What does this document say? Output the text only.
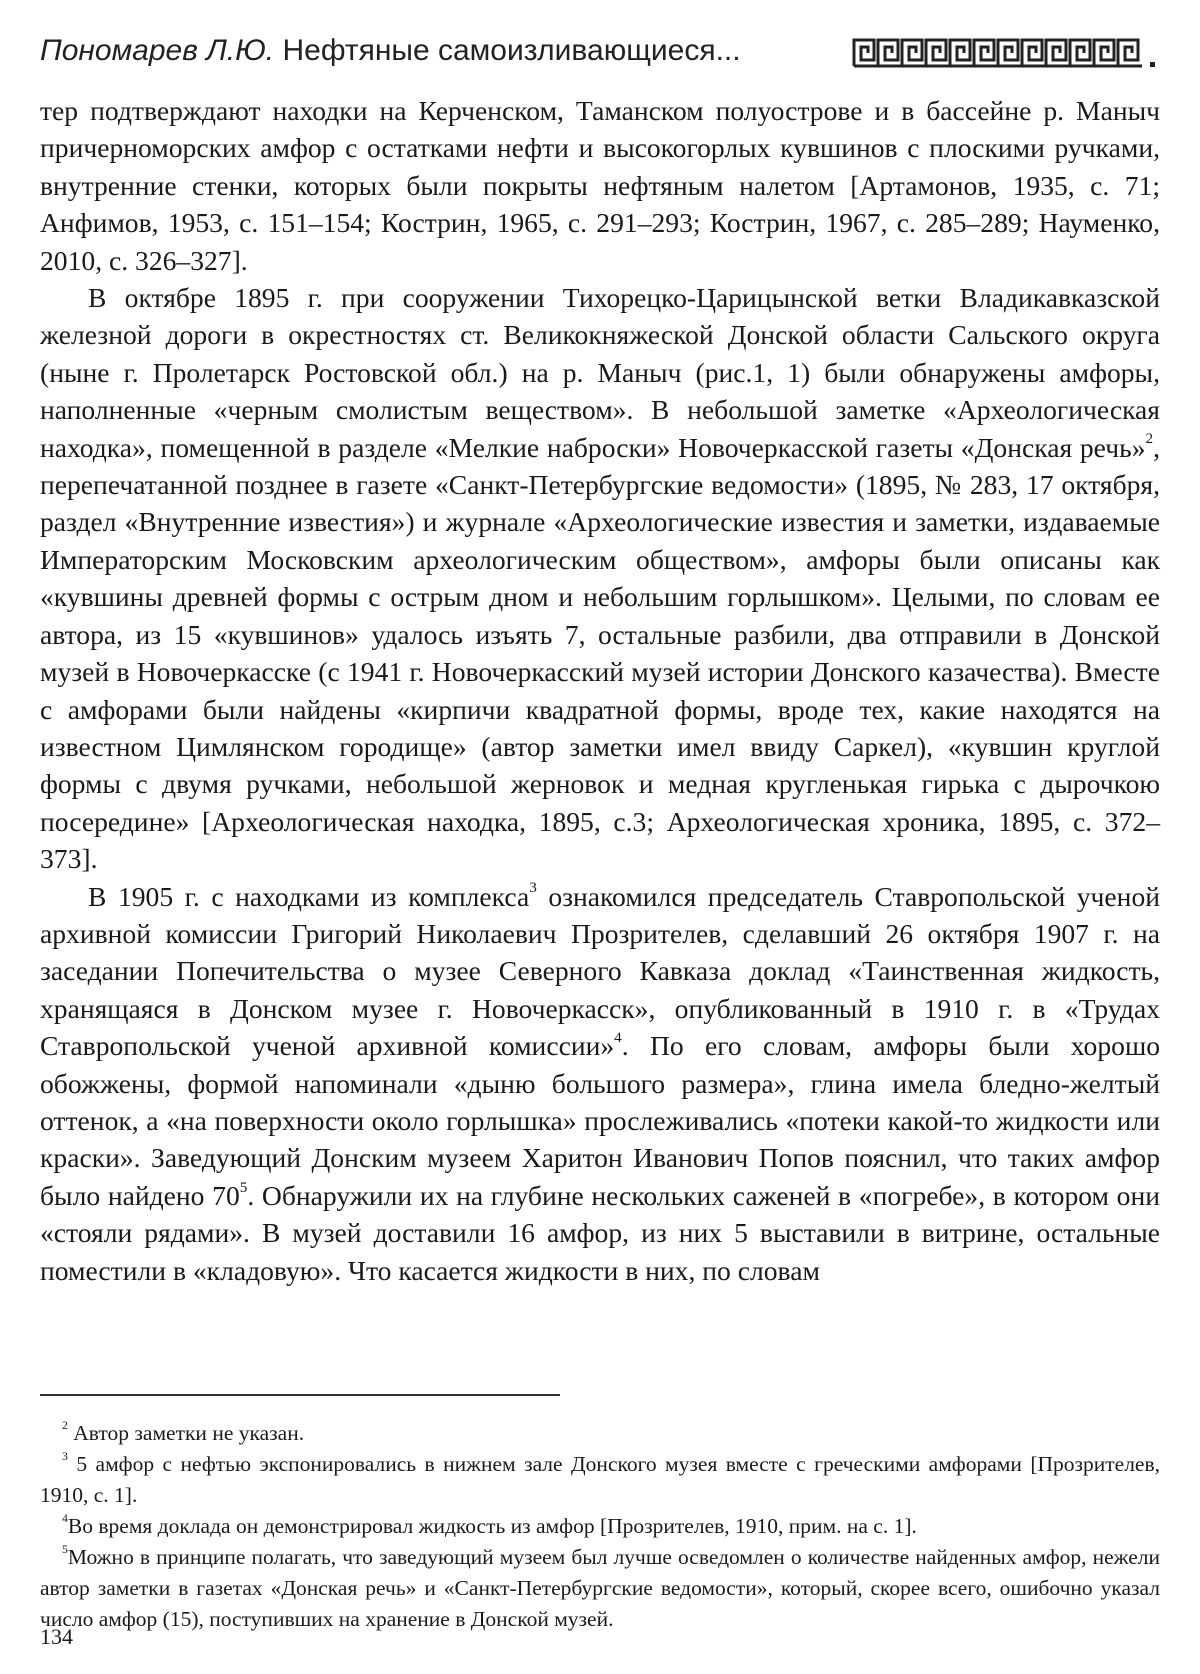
Пономарев Л.Ю. Нефтяные самоизливающиеся...

тер подтверждают находки на Керченском, Таманском полуострове и в бассейне р. Маныч причерноморских амфор с остатками нефти и высокогорлых кувшинов с плоскими ручками, внутренние стенки, которых были покрыты нефтяным налетом [Артамонов, 1935, с. 71; Анфимов, 1953, с. 151–154; Кострин, 1965, с. 291–293; Кострин, 1967, с. 285–289; Науменко, 2010, с. 326–327].

В октябре 1895 г. при сооружении Тихорецко-Царицынской ветки Владикавказской железной дороги в окрестностях ст. Великокняжеской Донской области Сальского округа (ныне г. Пролетарск Ростовской обл.) на р. Маныч (рис.1, 1) были обнаружены амфоры, наполненные «черным смолистым веществом». В небольшой заметке «Археологическая находка», помещенной в разделе «Мелкие наброски» Новочеркасской газеты «Донская речь»$^2$, перепечатанной позднее в газете «Санкт-Петербургские ведомости» (1895, № 283, 17 октября, раздел «Внутренние известия») и журнале «Археологические известия и заметки, издаваемые Императорским Московским археологическим обществом», амфоры были описаны как «кувшины древней формы с острым дном и небольшим горлышком». Целыми, по словам ее автора, из 15 «кувшинов» удалось изъять 7, остальные разбили, два отправили в Донской музей в Новочеркасске (с 1941 г. Новочеркасский музей истории Донского казачества). Вместе с амфорами были найдены «кирпичи квадратной формы, вроде тех, какие находятся на известном Цимлянском городище» (автор заметки имел ввиду Саркел), «кувшин круглой формы с двумя ручками, небольшой жерновок и медная кругленькая гирька с дырочкою посередине» [Археологическая находка, 1895, с.3; Археологическая хроника, 1895, с. 372–373].

В 1905 г. с находками из комплекса$^3$ ознакомился председатель Ставропольской ученой архивной комиссии Григорий Николаевич Прозрителев, сделавший 26 октября 1907 г. на заседании Попечительства о музее Северного Кавказа доклад «Таинственная жидкость, хранящаяся в Донском музее г. Новочеркасск», опубликованный в 1910 г. в «Трудах Ставропольской ученой архивной комиссии»$^4$. По его словам, амфоры были хорошо обожжены, формой напоминали «дыню большого размера», глина имела бледно-желтый оттенок, а «на поверхности около горлышка» прослеживались «потеки какой-то жидкости или краски». Заведующий Донским музеем Харитон Иванович Попов пояснил, что таких амфор было найдено $70^5$. Обнаружили их на глубине нескольких саженей в «погребе», в котором они «стояли рядами». В музей доставили 16 амфор, из них 5 выставили в витрине, остальные поместили в «кладовую». Что касается жидкости в них, по словам

$^2$ Автор заметки не указан.

$^3$ 5 амфор с нефтью экспонировались в нижнем зале Донского музея вместе с греческими амфорами [Прозрителев, 1910, с. 1].

$^4$Во время доклада он демонстрировал жидкость из амфор [Прозрителев, 1910, прим. на с. 1].

$^5$Можно в принципе полагать, что заведующий музеем был лучше осведомлен о количестве найденных амфор, нежели автор заметки в газетах «Донская речь» и «Санкт-Петербургские ведомости», который, скорее всего, ошибочно указал число амфор (15), поступивших на хранение в Донской музей.

134
